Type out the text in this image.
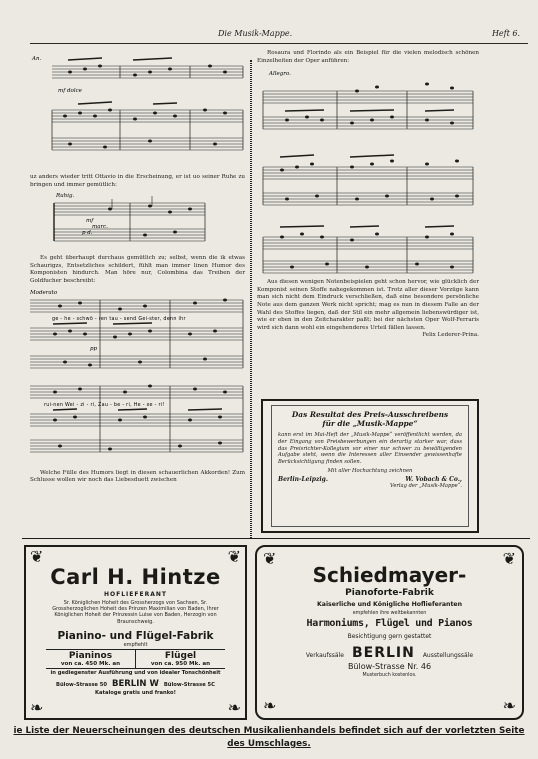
Die Musik-Mappe.	Heft 6.
An.
mf dolce

uz anders wieder tritt Ottavio in die Erscheinung, er ist uo seiner Ruhe zu bringen und immer gemütlich:

Ruhig.
mf
marc.
p d.

Es geht überhaupt durchaus gemütlich zu; selbst, wenn die ik etwas Schaurigzs, Entsetzliches schildert, fühlt man immer linen Humor des Komponisten hindurch. Man höre nur, Colombina das Treiben der Goldfucher beschreibt:

Moderato
ge - he - schwö - ren tau - send Gei-ster, denn ihr
pp
rui-nen Wei - zi - ri, Zau - be - ri, He - xe - ri!

Welche Fülle des Humors liegt in diesen schauerlichen Akkorden! Zum Schlusse wollen wir noch das Liebesduett zwischen

Rosaura und Florindo als ein Beispiel für die vielen melodisch schönen Einzelheiten der Oper anführen:

Allegro.

Aus diesen wenigen Notenbeispielen geht schon hervor, wie glücklich der Komponist seinen Stoffe nahegekommen ist. Trotz aller dieser Vorzüge kann man sich nicht dem Eindruck verschließen, daß eine besondere persönliche Note aus dem ganzen Werk nicht spricht; mag es nun in diesem Falle an der Wahl des Stoffes liegen, daß der Stil ein mehr allgemein liebenswürdiger ist, wie er eben in den Zeitcharakter paßt; bei der nächsten Oper Wolf-Ferraris wird sich dann wohl ein eingehenderes Urteil fällen lassen.

Felix Lederer-Prina.

Das Resultat des Preis-Ausschreibens
für die „Musik-Mappe“

kann erst im Mai-Heft der „Musik-Mappe“ veröffentlicht werden, da der Eingang von Preisbewerbungen ein derartig starker war, dass das Preisrichter-Kollegium vor einer nur schwer zu bewältigenden Aufgabe steht, wenn die Interessen aller Einsender gewissenhafte Berücksichtigung finden sollen.

Mit aller Hochachtung zeichnen

Berlin-Leipzig.	W. Vobach & Co.,

Verlag der „Musik-Mappe“.

❦	❦
❧	❧
Carl H. Hintze
HOFLIEFERANT
Sr. Königlichen Hoheit des Grossherzogs von Sachsen, Sr. Grossherzoglichen Hoheit des Prinzen Maximilian von Baden, Ihrer Königlichen Hoheit der Prinzessin Luise von Baden, Herzogin von Braunschweig.
Pianino- und Flügel-Fabrik
empfiehlt
Pianinos
von ca. 450 Mk. an
Flügel
von ca. 950 Mk. an
in gediegenster Ausführung und von idealer Tonschönheit
Bülow-Strasse 50 BERLIN W Bülow-Strasse 5C
Kataloge gratis und franko!
❦	❦
❧	❧
Schiedmayer-
Pianoforte-Fabrik
Kaiserliche und Königliche Hoflieferanten
empfehlen ihre weltbekannten
Harmoniums, Flügel und Pianos
Besichtigung gern gestattet
Verkaufssäle BERLIN Ausstellungssäle
Bülow-Strasse Nr. 46
Musterbuch kostenlos.
ie Liste der Neuerscheinungen des deutschen Musikalienhandels befindet sich auf der vorletzten Seite
des Umschlages.
